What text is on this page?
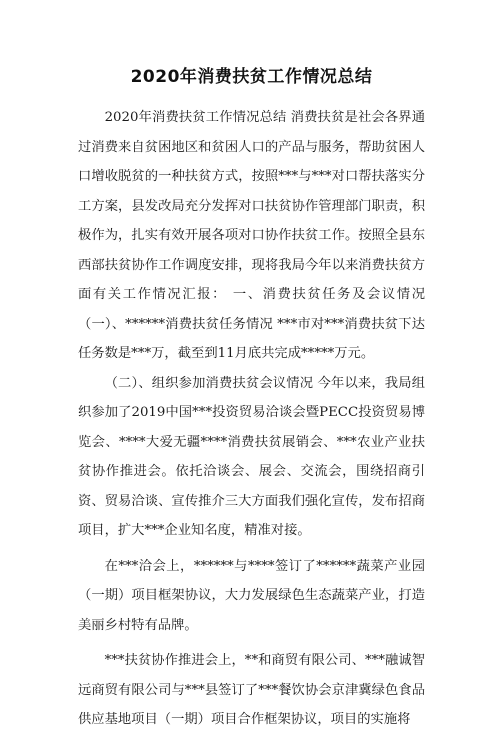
2020年消费扶贫工作情况总结

2020年消费扶贫工作情况总结 消费扶贫是社会各界通过消费来自贫困地区和贫困人口的产品与服务，帮助贫困人口增收脱贫的一种扶贫方式，按照***与***对口帮扶落实分工方案，县发改局充分发挥对口扶贫协作管理部门职责，积极作为，扎实有效开展各项对口协作扶贫工作。按照全县东西部扶贫协作工作调度安排，现将我局今年以来消费扶贫方面有关工作情况汇报： 一、消费扶贫任务及会议情况（一）、******消费扶贫任务情况 ***市对***消费扶贫下达任务数是***万，截至到11月底共完成*****万元。

（二）、组织参加消费扶贫会议情况 今年以来，我局组织参加了2019中国***投资贸易洽谈会暨PECC投资贸易博览会、****大爱无疆****消费扶贫展销会、***农业产业扶贫协作推进会。依托洽谈会、展会、交流会，围绕招商引资、贸易洽谈、宣传推介三大方面我们强化宣传，发布招商项目，扩大***企业知名度，精准对接。

在***洽会上，******与****签订了******蔬菜产业园（一期）项目框架协议，大力发展绿色生态蔬菜产业，打造美丽乡村特有品牌。

***扶贫协作推进会上，**和商贸有限公司、***融诚智远商贸有限公司与***县签订了***餐饮协会京津冀绿色食品供应基地项目（一期）项目合作框架协议，项目的实施将
